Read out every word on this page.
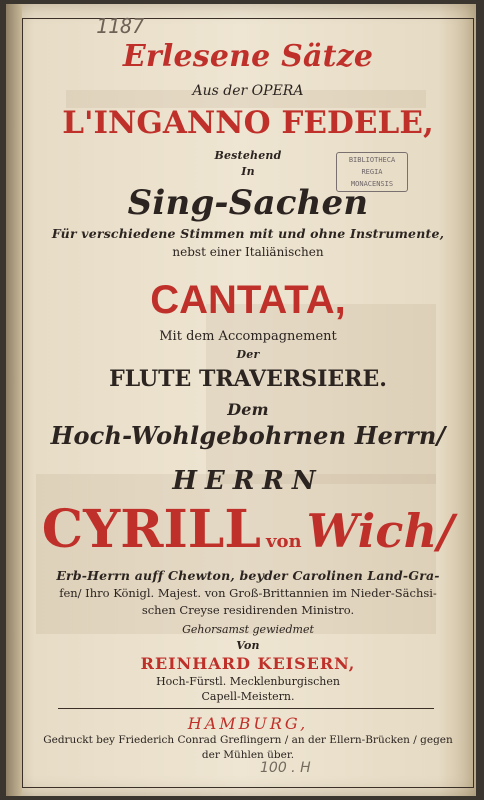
1187
BIBLIOTHECA
REGIA
MONACENSIS
Erlesene Sätze
Aus der OPERA
L'INGANNO FEDELE,
Bestehend
In
Sing-Sachen
Für verschiedene Stimmen mit und ohne Instrumente,
nebst einer Italiänischen
CANTATA,
Mit dem Accompagnement
Der
FLUTE TRAVERSIERE.
Dem
Hoch-Wohlgebohrnen Herrn/
HERRN
CYRILL von Wich/
Erb-Herrn auff Chewton, beyder Carolinen Land-Gra-
fen/ Ihro Königl. Majest. von Groß-Brittannien im Nieder-Sächsi-
schen Creyse residirenden Ministro.
Gehorsamst gewiedmet
Von
REINHARD KEISERN,
Hoch-Fürstl. Mecklenburgischen
Capell-Meistern.
HAMBURG,
Gedruckt bey Friederich Conrad Greflingern / an der Ellern-Brücken / gegen
der Mühlen über.
100 . H
